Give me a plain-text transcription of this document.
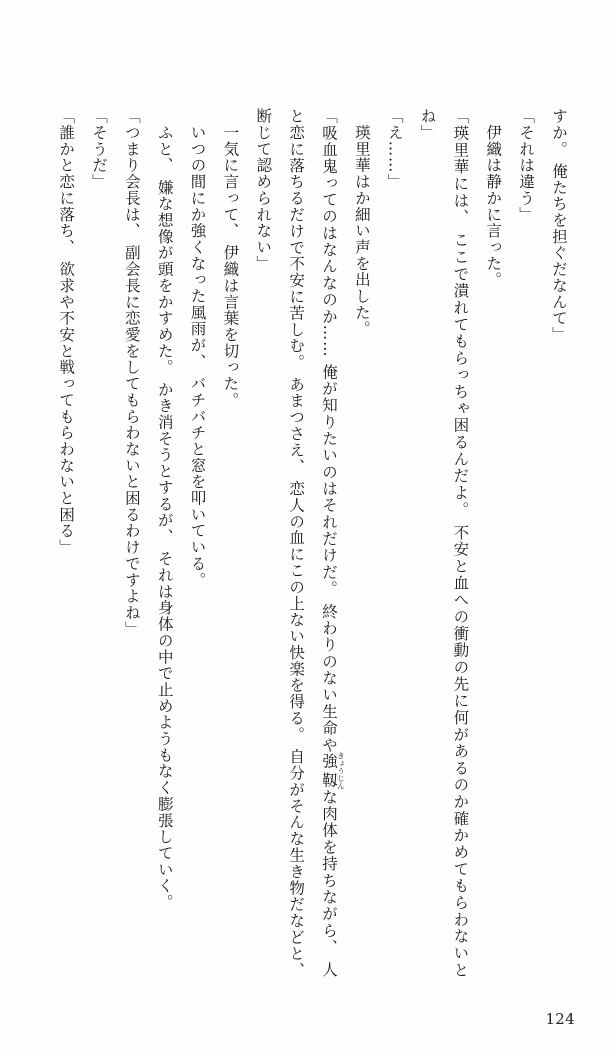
すか。 俺たちを担ぐだなんて」

「それは違う」

　伊織は静かに言った。

「瑛里華には、 ここで潰れてもらっちゃ困るんだよ。 不安と血への衝動の先に何があるのか確かめてもらわないとね」

「え……」

　瑛里華はか細い声を出した。

「吸血鬼ってのはなんなのか…… 俺が知りたいのはそれだけだ。 終わりのない生命や強靱きょうじんな肉体を持ちながら、 人と恋に落ちるだけで不安に苦しむ。 あまつさえ、 恋人の血にこの上ない快楽を得る。 自分がそんな生き物だなどと、 断じて認められない」

　一気に言って、 伊織は言葉を切った。

　いつの間にか強くなった風雨が、 バチバチと窓を叩いている。

　ふと、 嫌な想像が頭をかすめた。 かき消そうとするが、 それは身体の中で止めようもなく膨張していく。

「つまり会長は、 副会長に恋愛をしてもらわないと困るわけですよね」

「そうだ」

「誰かと恋に落ち、 欲求や不安と戦ってもらわないと困る」

124
